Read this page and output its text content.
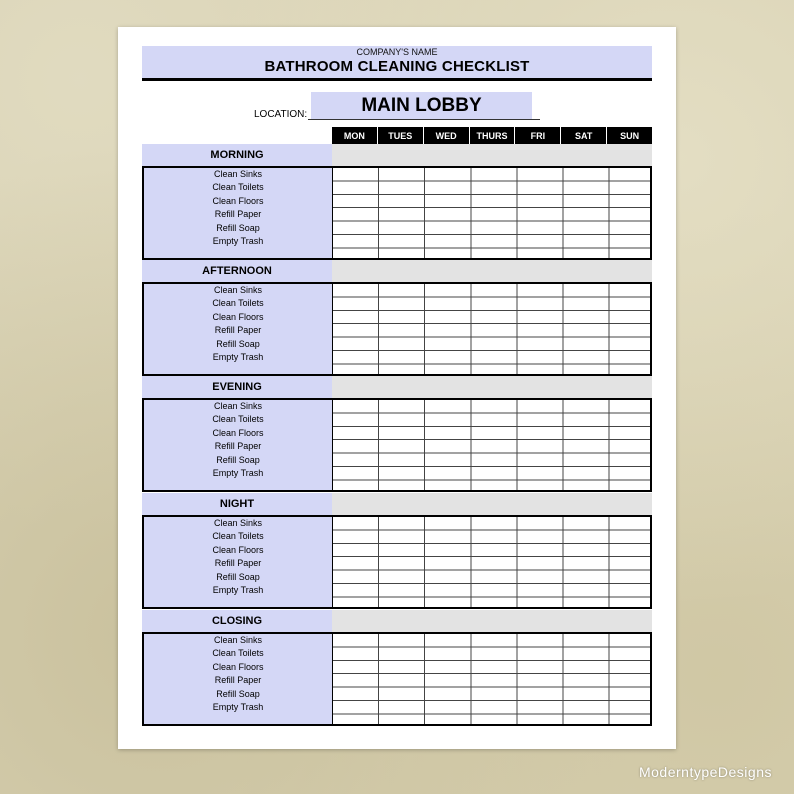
COMPANY'S NAME
BATHROOM CLEANING CHECKLIST
LOCATION:	MAIN LOBBY
MON	TUES	WED	THURS	FRI	SAT	SUN
MORNING
Clean Sinks
Clean Toilets
Clean Floors
Refill Paper
Refill Soap
Empty Trash
AFTERNOON
Clean Sinks
Clean Toilets
Clean Floors
Refill Paper
Refill Soap
Empty Trash
EVENING
Clean Sinks
Clean Toilets
Clean Floors
Refill Paper
Refill Soap
Empty Trash
NIGHT
Clean Sinks
Clean Toilets
Clean Floors
Refill Paper
Refill Soap
Empty Trash
CLOSING
Clean Sinks
Clean Toilets
Clean Floors
Refill Paper
Refill Soap
Empty Trash
ModerntypeDesigns
